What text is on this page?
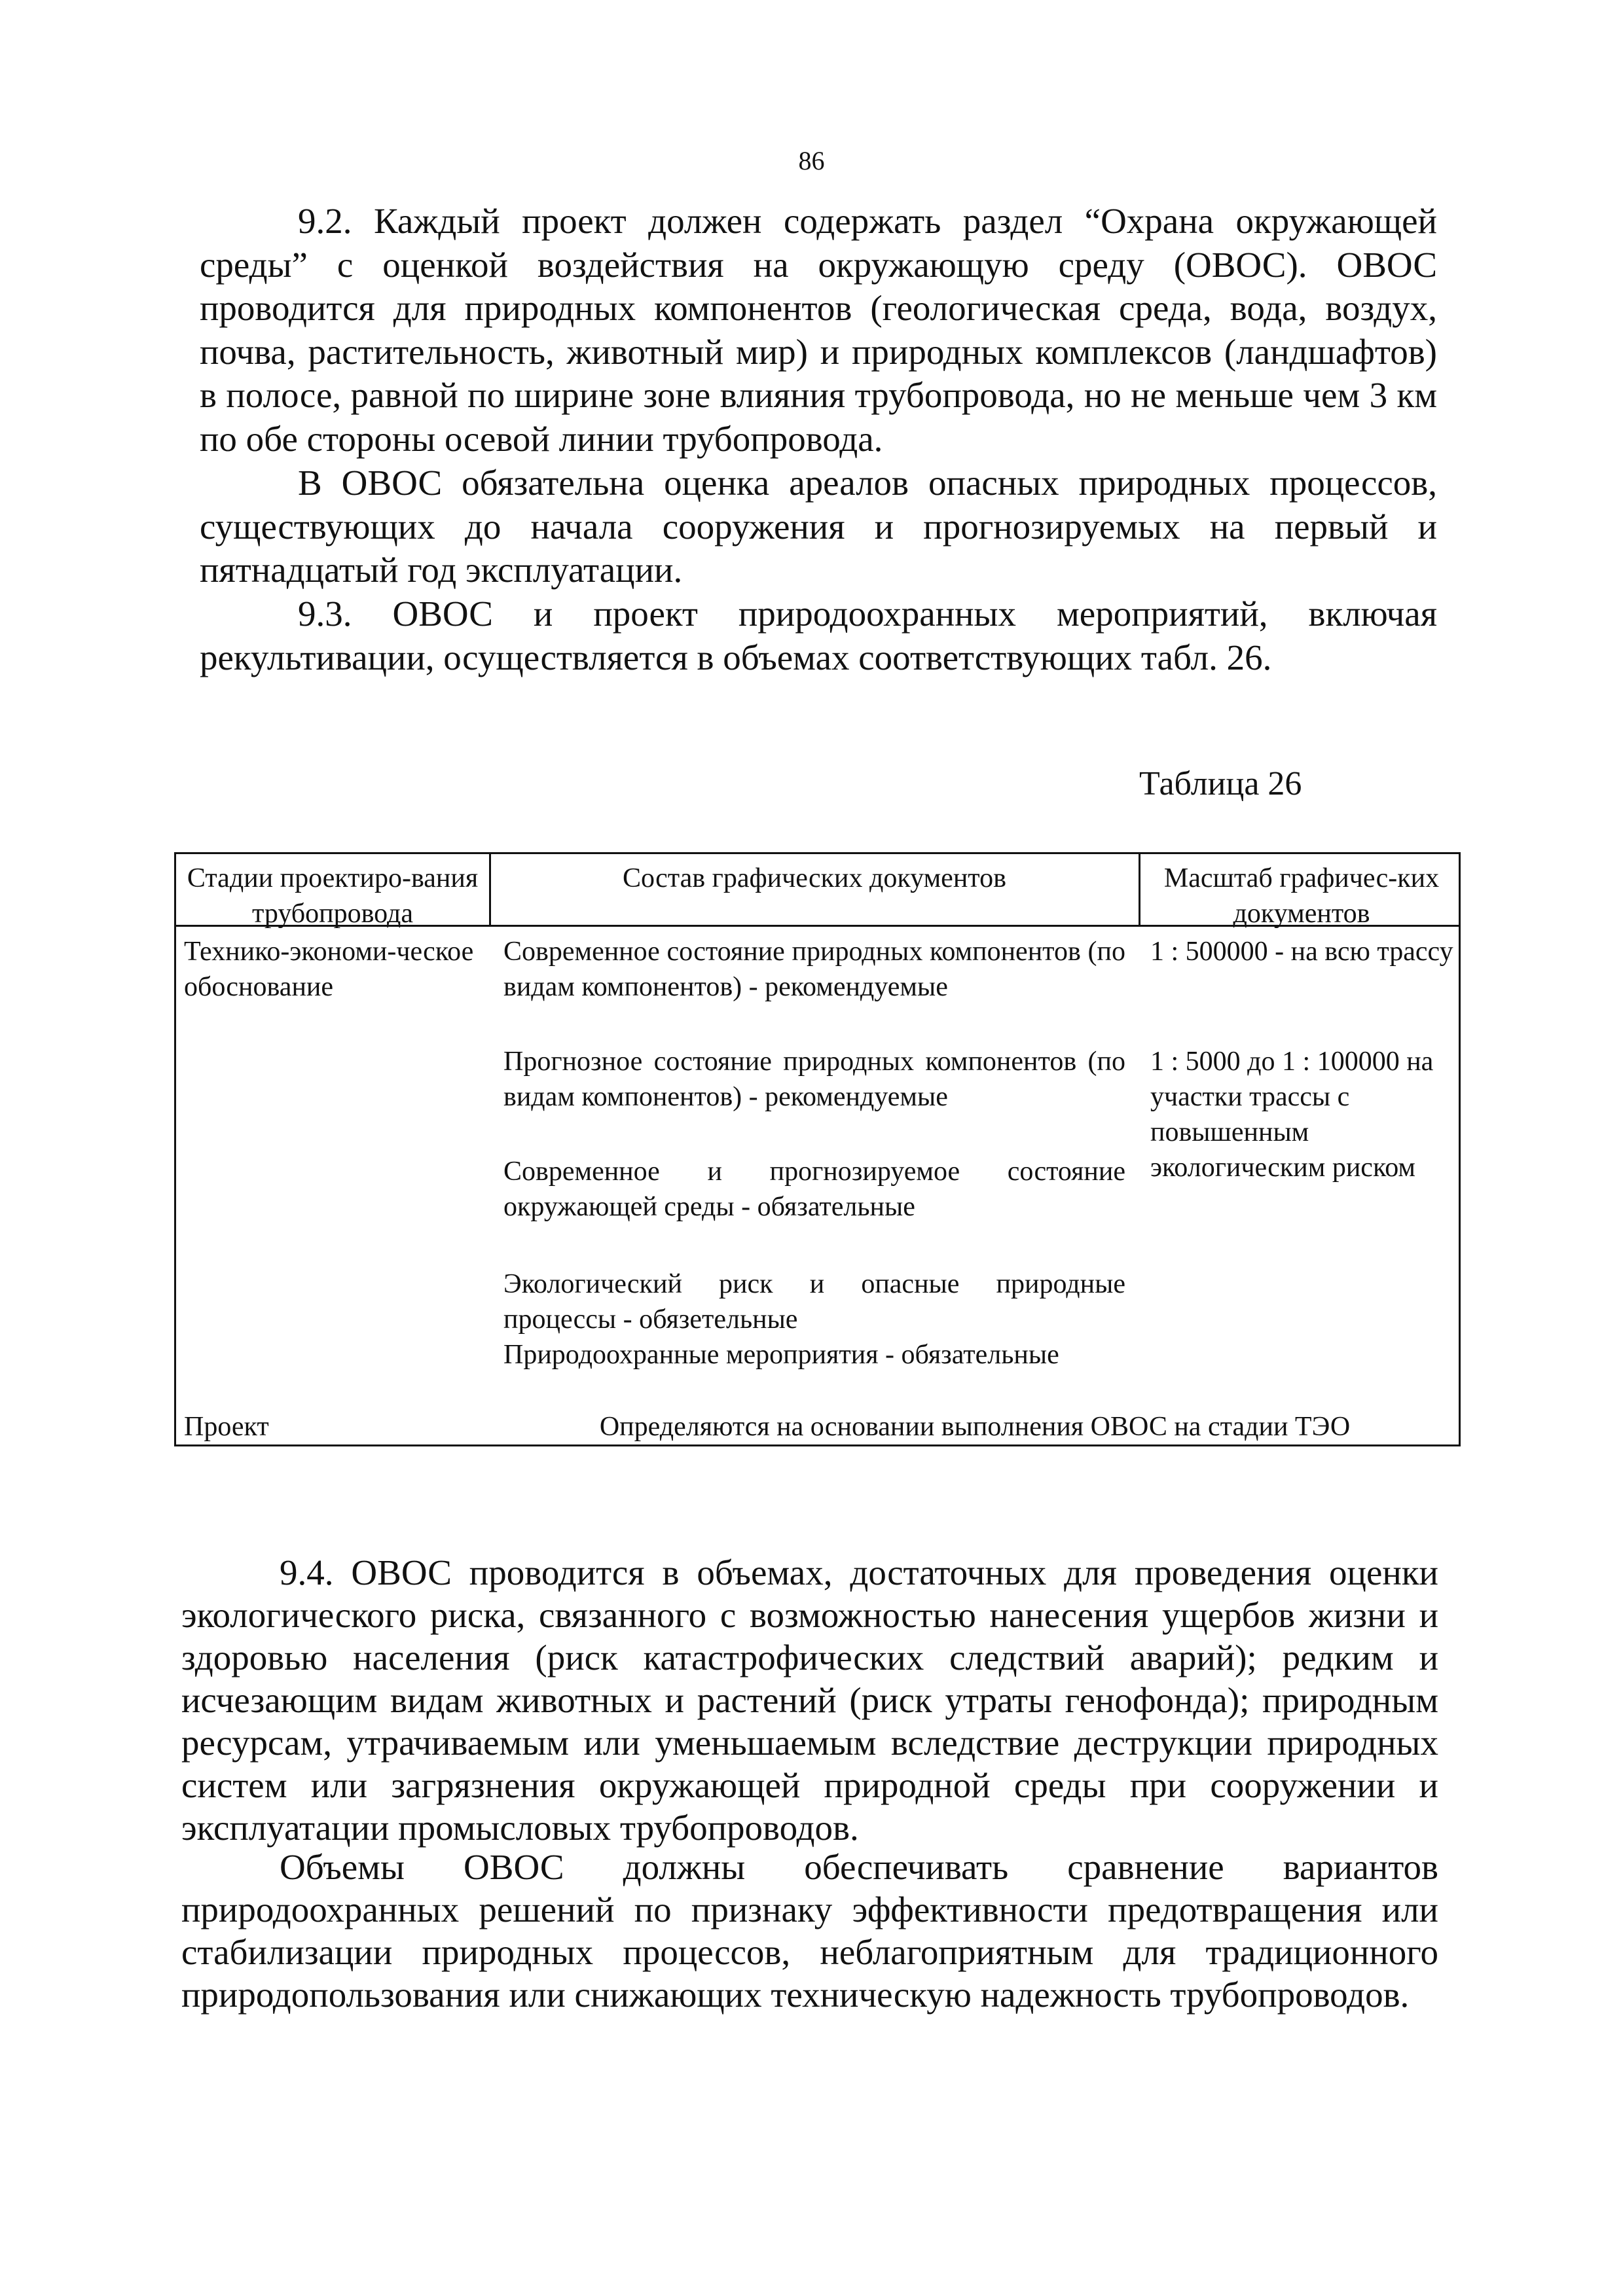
86

9.2. Каждый проект должен содержать раздел “Охрана окружающей среды” с оценкой воздействия на окружающую среду (ОВОС). ОВОС проводится для природных компонентов (геологическая среда, вода, воздух, почва, растительность, животный мир) и природных комплексов (ландшафтов) в полосе, равной по ширине зоне влияния трубопровода, но не меньше чем 3 км по обе стороны осевой линии трубопровода.

В ОВОС обязательна оценка ареалов опасных природных процессов, существующих до начала сооружения и прогнозируемых на первый и пятнадцатый год эксплуатации.

9.3. ОВОС и проект природоохранных мероприятий, включая рекультивации, осуществляется в объемах соответствующих табл. 26.

Таблица 26
Стадии проектиро-вания трубопровода
Состав графических документов	Масштаб графичес-ких документов
Технико-экономи-ческое обоснование
Современное состояние природных компонентов (по видам компонентов) - рекомендуемые
Прогнозное состояние природных компонентов (по видам компонентов) - рекомендуемые
Современное и прогнозируемое состояние окружающей среды - обязательные
Экологический риск и опасные природные процессы - обязетельные
Природоохранные мероприятия - обязательные
1 : 500000 - на всю трассу
1 : 5000 до 1 : 100000 на участки трассы с повышенным экологическим риском
Проект	Определяются на основании выполнения ОВОС на стадии ТЭО

9.4. ОВОС проводится в объемах, достаточных для проведения оценки экологического риска, связанного с возможностью нанесения ущербов жизни и здоровью населения (риск катастрофических следствий аварий); редким и исчезающим видам животных и растений (риск утраты генофонда); природным ресурсам, утрачиваемым или уменьшаемым вследствие деструкции природных систем или загрязнения окружающей природной среды при сооружении и эксплуатации промысловых трубопроводов.

Объемы ОВОС должны обеспечивать сравнение вариантов природоохранных решений по признаку эффективности предотвращения или стабилизации природных процессов, неблагоприятным для традиционного природопользования или снижающих техническую надежность трубопроводов.
